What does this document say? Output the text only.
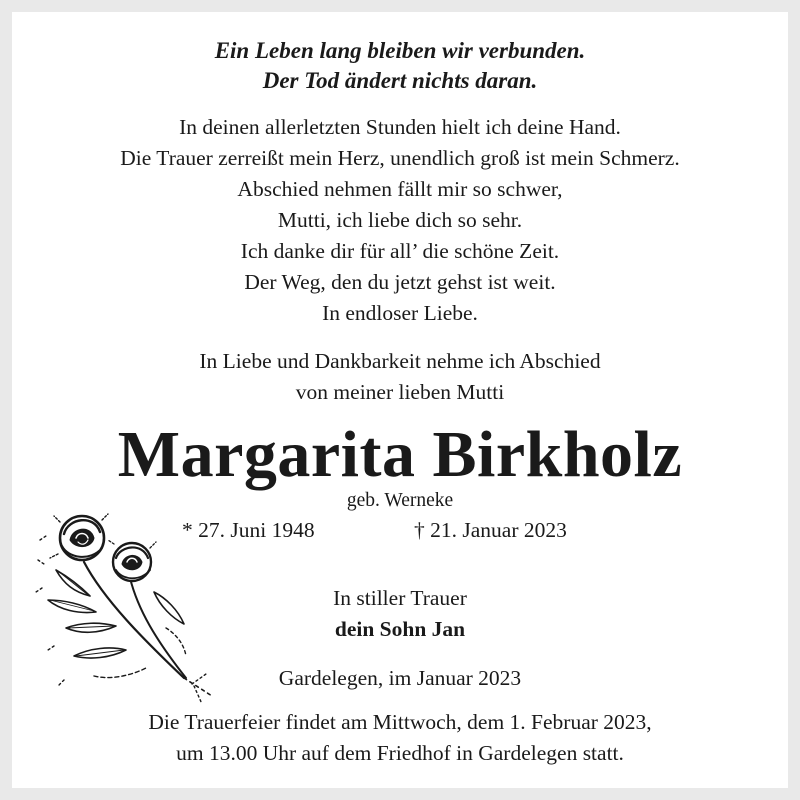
Ein Leben lang bleiben wir verbunden.
Der Tod ändert nichts daran.
In deinen allerletzten Stunden hielt ich deine Hand.
Die Trauer zerreißt mein Herz, unendlich groß ist mein Schmerz.
Abschied nehmen fällt mir so schwer,
Mutti, ich liebe dich so sehr.
Ich danke dir für all’ die schöne Zeit.
Der Weg, den du jetzt gehst ist weit.
In endloser Liebe.
In Liebe und Dankbarkeit nehme ich Abschied
von meiner lieben Mutti
Margarita Birkholz
geb. Werneke
* 27. Juni 1948	† 21. Januar 2023
In stiller Trauer
dein Sohn Jan
Gardelegen, im Januar 2023
Die Trauerfeier findet am Mittwoch, dem 1. Februar 2023,
um 13.00 Uhr auf dem Friedhof in Gardelegen statt.
